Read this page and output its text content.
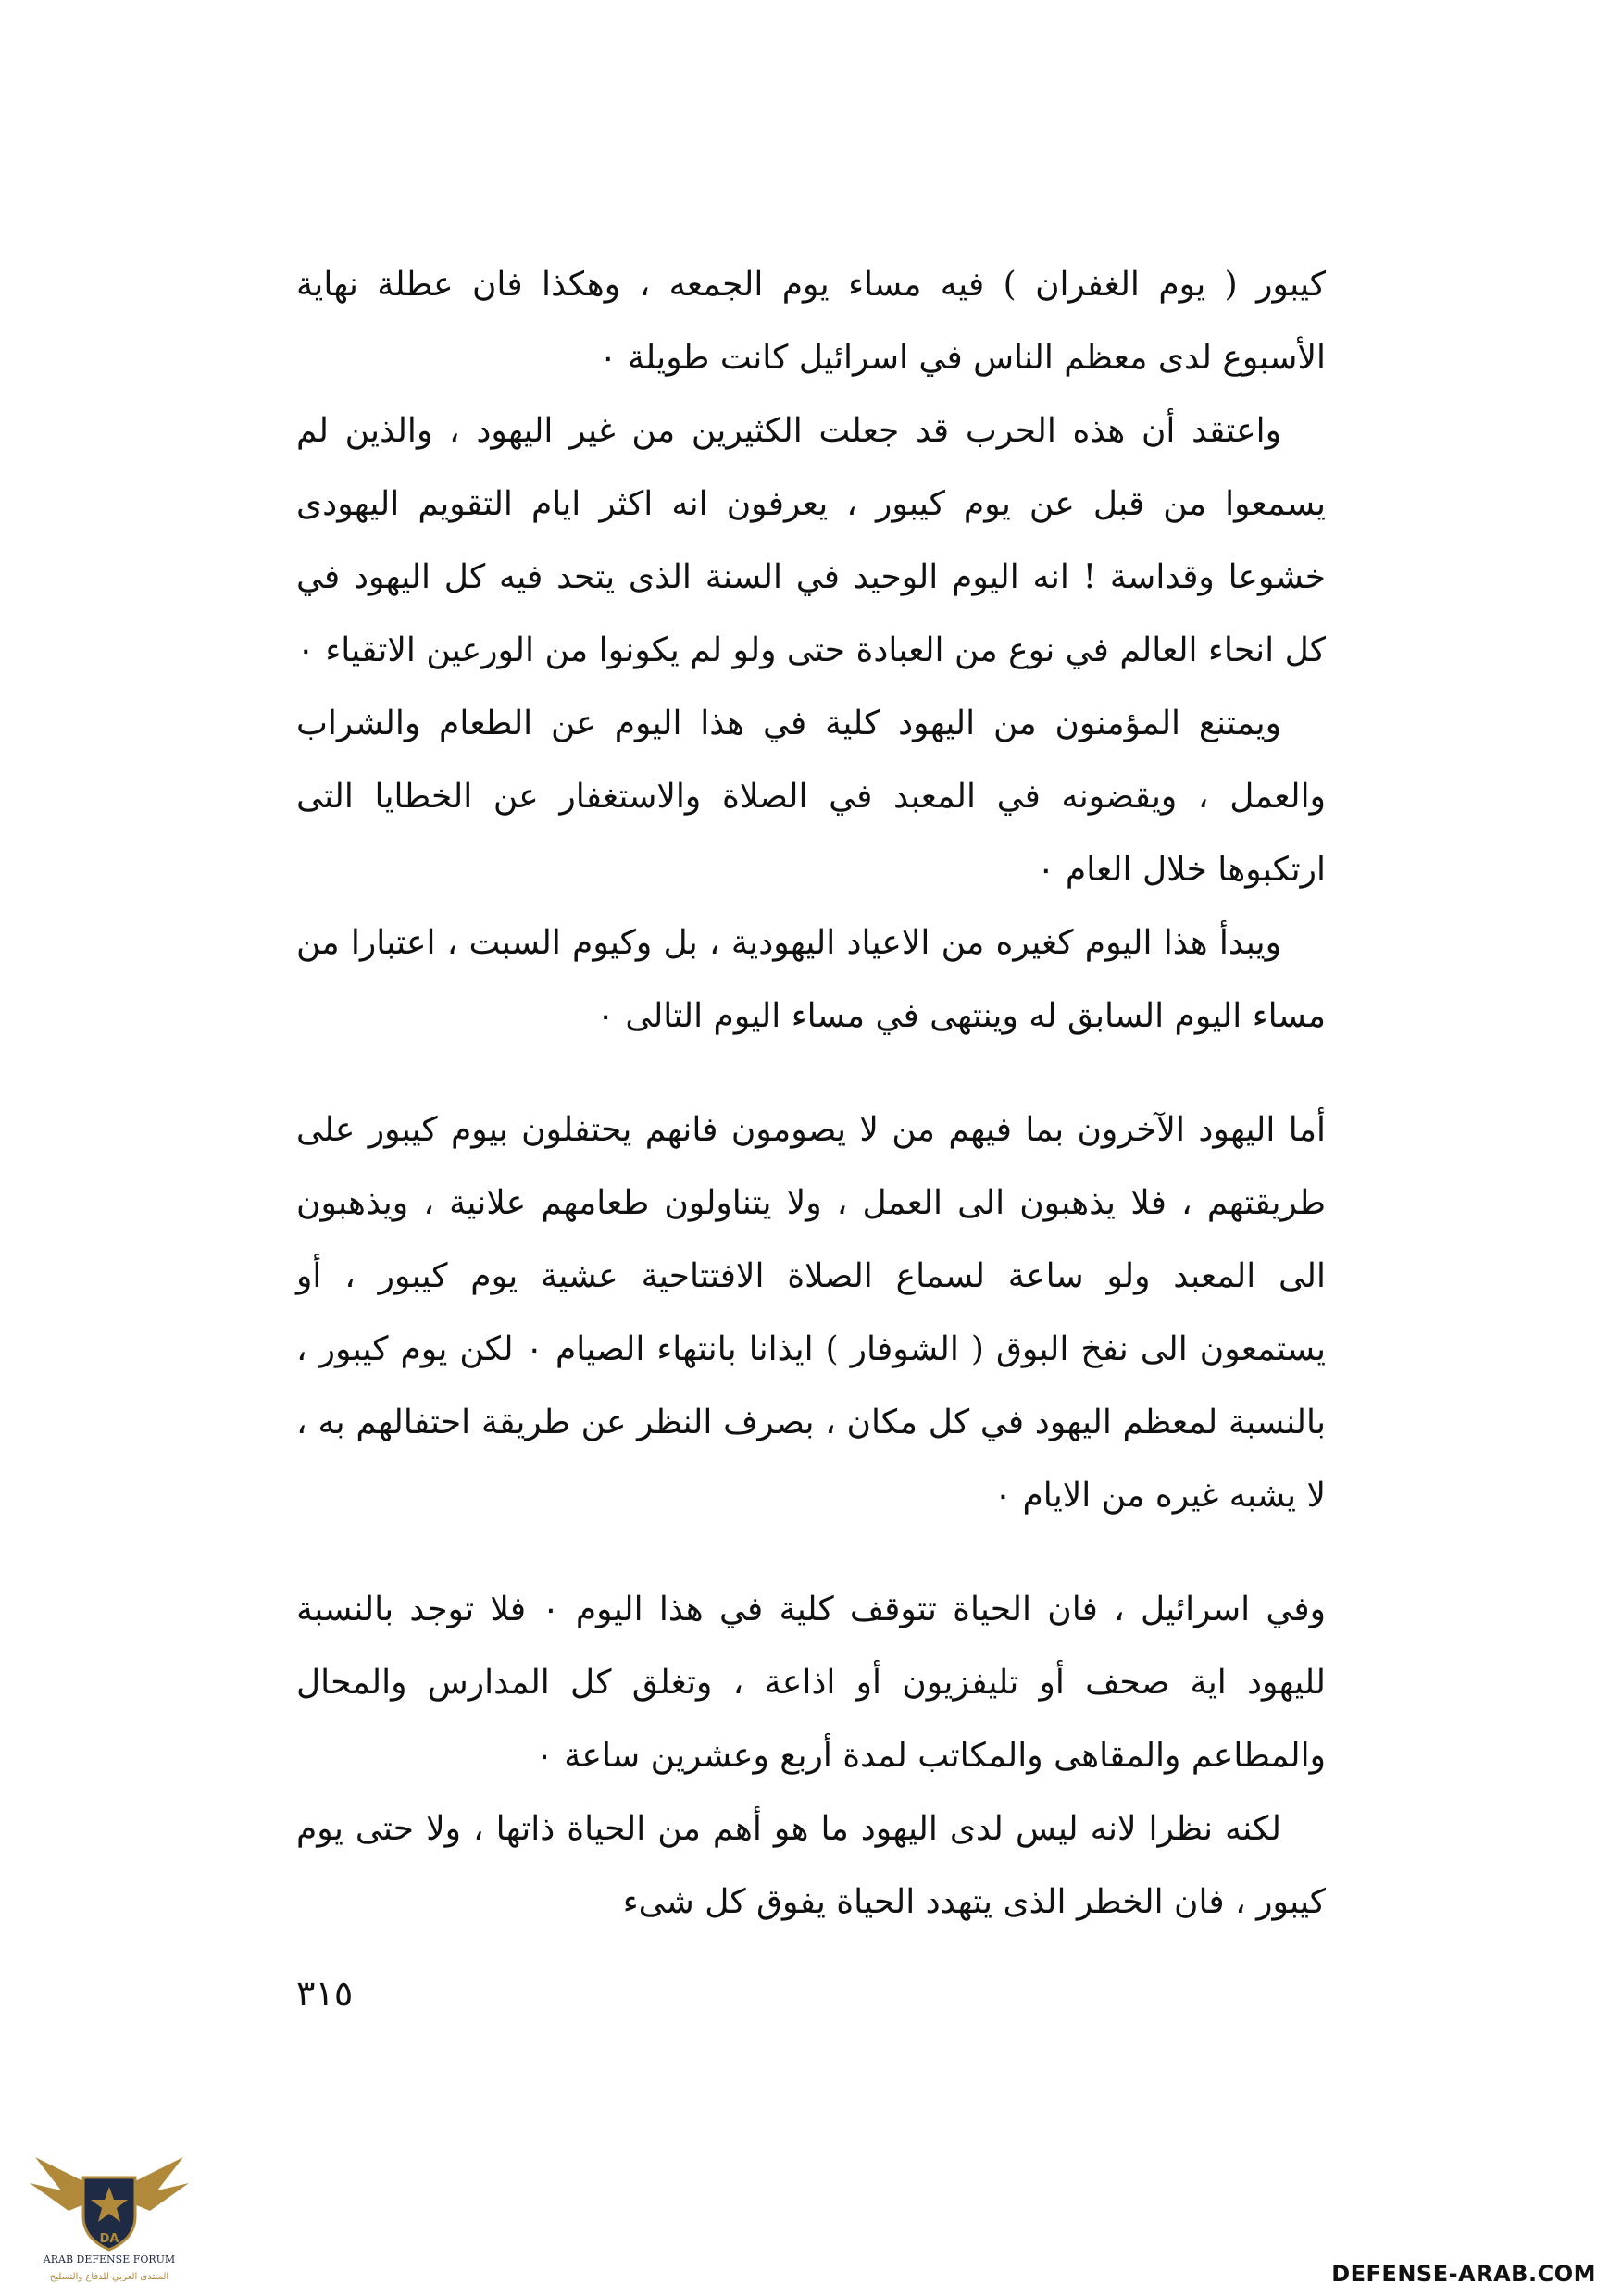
كيبور ( يوم الغفران ) فيه مساء يوم الجمعه ، وهكذا فان عطلة نهاية الأسبوع لدى معظم الناس في اسرائيل كانت طويلة ٠

واعتقد أن هذه الحرب قد جعلت الكثيرين من غير اليهود ، والذين لم يسمعوا من قبل عن يوم كيبور ، يعرفون انه اكثر ايام التقويم اليهودى خشوعا وقداسة ! انه اليوم الوحيد في السنة الذى يتحد فيه كل اليهود في كل انحاء العالم في نوع من العبادة حتى ولو لم يكونوا من الورعين الاتقياء ٠

ويمتنع المؤمنون من اليهود كلية في هذا اليوم عن الطعام والشراب والعمل ، ويقضونه في المعبد في الصلاة والاستغفار عن الخطايا التى ارتكبوها خلال العام ٠

ويبدأ هذا اليوم كغيره من الاعياد اليهودية ، بل وكيوم السبت ، اعتبارا من مساء اليوم السابق له وينتهى في مساء اليوم التالى ٠

أما اليهود الآخرون بما فيهم من لا يصومون فانهم يحتفلون بيوم كيبور على طريقتهم ، فلا يذهبون الى العمل ، ولا يتناولون طعامهم علانية ، ويذهبون الى المعبد ولو ساعة لسماع الصلاة الافتتاحية عشية يوم كيبور ، أو يستمعون الى نفخ البوق ( الشوفار ) ايذانا بانتهاء الصيام ٠ لكن يوم كيبور ، بالنسبة لمعظم اليهود في كل مكان ، بصرف النظر عن طريقة احتفالهم به ، لا يشبه غيره من الايام ٠

وفي اسرائيل ، فان الحياة تتوقف كلية في هذا اليوم ٠ فلا توجد بالنسبة لليهود اية صحف أو تليفزيون أو اذاعة ، وتغلق كل المدارس والمحال والمطاعم والمقاهى والمكاتب لمدة أربع وعشرين ساعة ٠

لكنه نظرا لانه ليس لدى اليهود ما هو أهم من الحياة ذاتها ، ولا حتى يوم كيبور ، فان الخطر الذى يتهدد الحياة يفوق كل شىء

٣١٥

DA
ARAB DEFENSE FORUM
المنتدى العربي للدفاع والتسليح	DEFENSE-ARAB.COM
